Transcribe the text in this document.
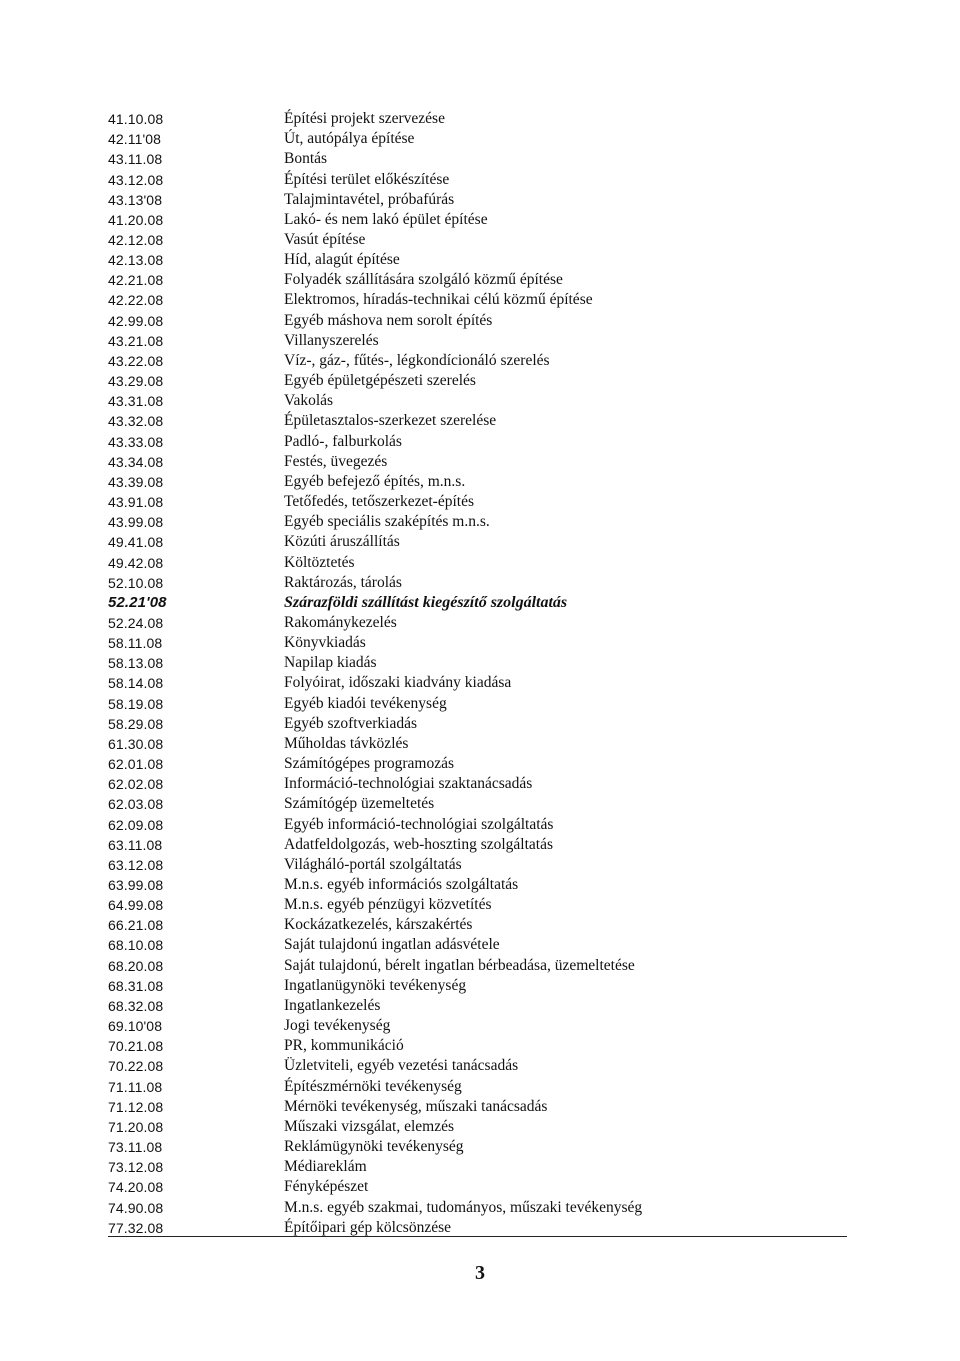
41.10.08	Építési projekt szervezése
42.11'08	Út, autópálya építése
43.11.08	Bontás
43.12.08	Építési terület előkészítése
43.13'08	Talajmintavétel, próbafúrás
41.20.08	Lakó- és nem lakó épület építése
42.12.08	Vasút építése
42.13.08	Híd, alagút építése
42.21.08	Folyadék szállítására szolgáló közmű építése
42.22.08	Elektromos, híradás-technikai célú közmű építése
42.99.08	Egyéb máshova nem sorolt építés
43.21.08	Villanyszerelés
43.22.08	Víz-, gáz-, fűtés-, légkondícionáló szerelés
43.29.08	Egyéb épületgépészeti szerelés
43.31.08	Vakolás
43.32.08	Épületasztalos-szerkezet szerelése
43.33.08	Padló-, falburkolás
43.34.08	Festés, üvegezés
43.39.08	Egyéb befejező építés, m.n.s.
43.91.08	Tetőfedés, tetőszerkezet-építés
43.99.08	Egyéb speciális szaképítés m.n.s.
49.41.08	Közúti áruszállítás
49.42.08	Költöztetés
52.10.08	Raktározás, tárolás
52.21'08	Szárazföldi szállítást kiegészítő szolgáltatás
52.24.08	Rakománykezelés
58.11.08	Könyvkiadás
58.13.08	Napilap kiadás
58.14.08	Folyóirat, időszaki kiadvány kiadása
58.19.08	Egyéb kiadói tevékenység
58.29.08	Egyéb szoftverkiadás
61.30.08	Műholdas távközlés
62.01.08	Számítógépes programozás
62.02.08	Információ-technológiai szaktanácsadás
62.03.08	Számítógép üzemeltetés
62.09.08	Egyéb információ-technológiai szolgáltatás
63.11.08	Adatfeldolgozás, web-hoszting szolgáltatás
63.12.08	Világháló-portál szolgáltatás
63.99.08	M.n.s. egyéb információs szolgáltatás
64.99.08	M.n.s. egyéb pénzügyi közvetítés
66.21.08	Kockázatkezelés, kárszakértés
68.10.08	Saját tulajdonú ingatlan adásvétele
68.20.08	Saját tulajdonú, bérelt ingatlan bérbeadása, üzemeltetése
68.31.08	Ingatlanügynöki tevékenység
68.32.08	Ingatlankezelés
69.10'08	Jogi tevékenység
70.21.08	PR, kommunikáció
70.22.08	Üzletviteli, egyéb vezetési tanácsadás
71.11.08	Építészmérnöki tevékenység
71.12.08	Mérnöki tevékenység, műszaki tanácsadás
71.20.08	Műszaki vizsgálat, elemzés
73.11.08	Reklámügynöki tevékenység
73.12.08	Médiareklám
74.20.08	Fényképészet
74.90.08	M.n.s. egyéb szakmai, tudományos, műszaki tevékenység
77.32.08	Építőipari gép kölcsönzése
3
